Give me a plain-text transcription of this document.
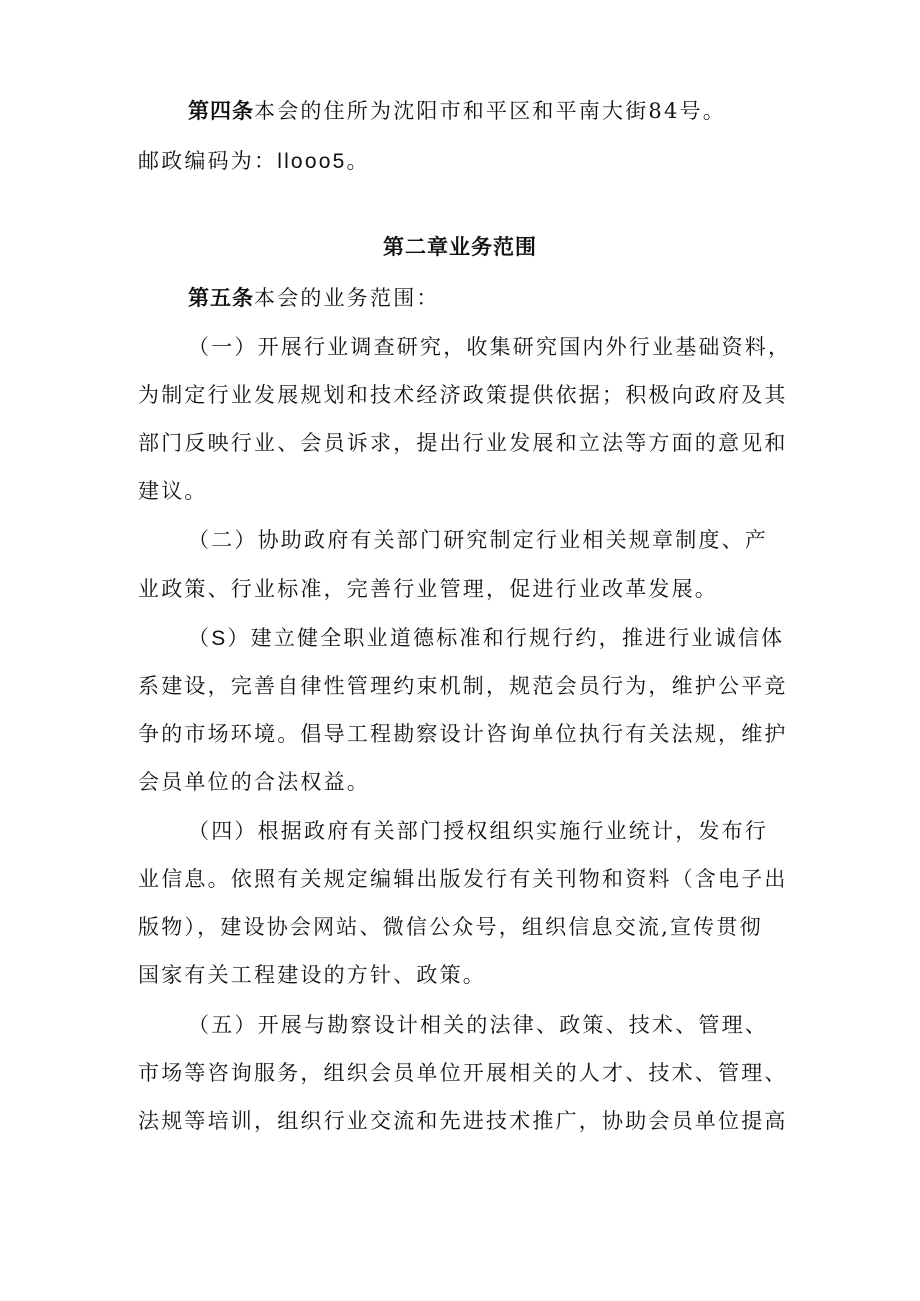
第四条本会的住所为沈阳市和平区和平南大街84号。
邮政编码为：llooo5。
第二章业务范围
第五条本会的业务范围：
（一）开展行业调查研究，收集研究国内外行业基础资料，
为制定行业发展规划和技术经济政策提供依据；积极向政府及其
部门反映行业、会员诉求，提出行业发展和立法等方面的意见和
建议。
（二）协助政府有关部门研究制定行业相关规章制度、产
业政策、行业标准，完善行业管理，促进行业改革发展。
（S）建立健全职业道德标准和行规行约，推进行业诚信体
系建设，完善自律性管理约束机制，规范会员行为，维护公平竞
争的市场环境。倡导工程勘察设计咨询单位执行有关法规，维护
会员单位的合法权益。
（四）根据政府有关部门授权组织实施行业统计，发布行
业信息。依照有关规定编辑出版发行有关刊物和资料（含电子出
版物），建设协会网站、微信公众号，组织信息交流,宣传贯彻
国家有关工程建设的方针、政策。
（五）开展与勘察设计相关的法律、政策、技术、管理、
市场等咨询服务，组织会员单位开展相关的人才、技术、管理、
法规等培训，组织行业交流和先进技术推广，协助会员单位提高
